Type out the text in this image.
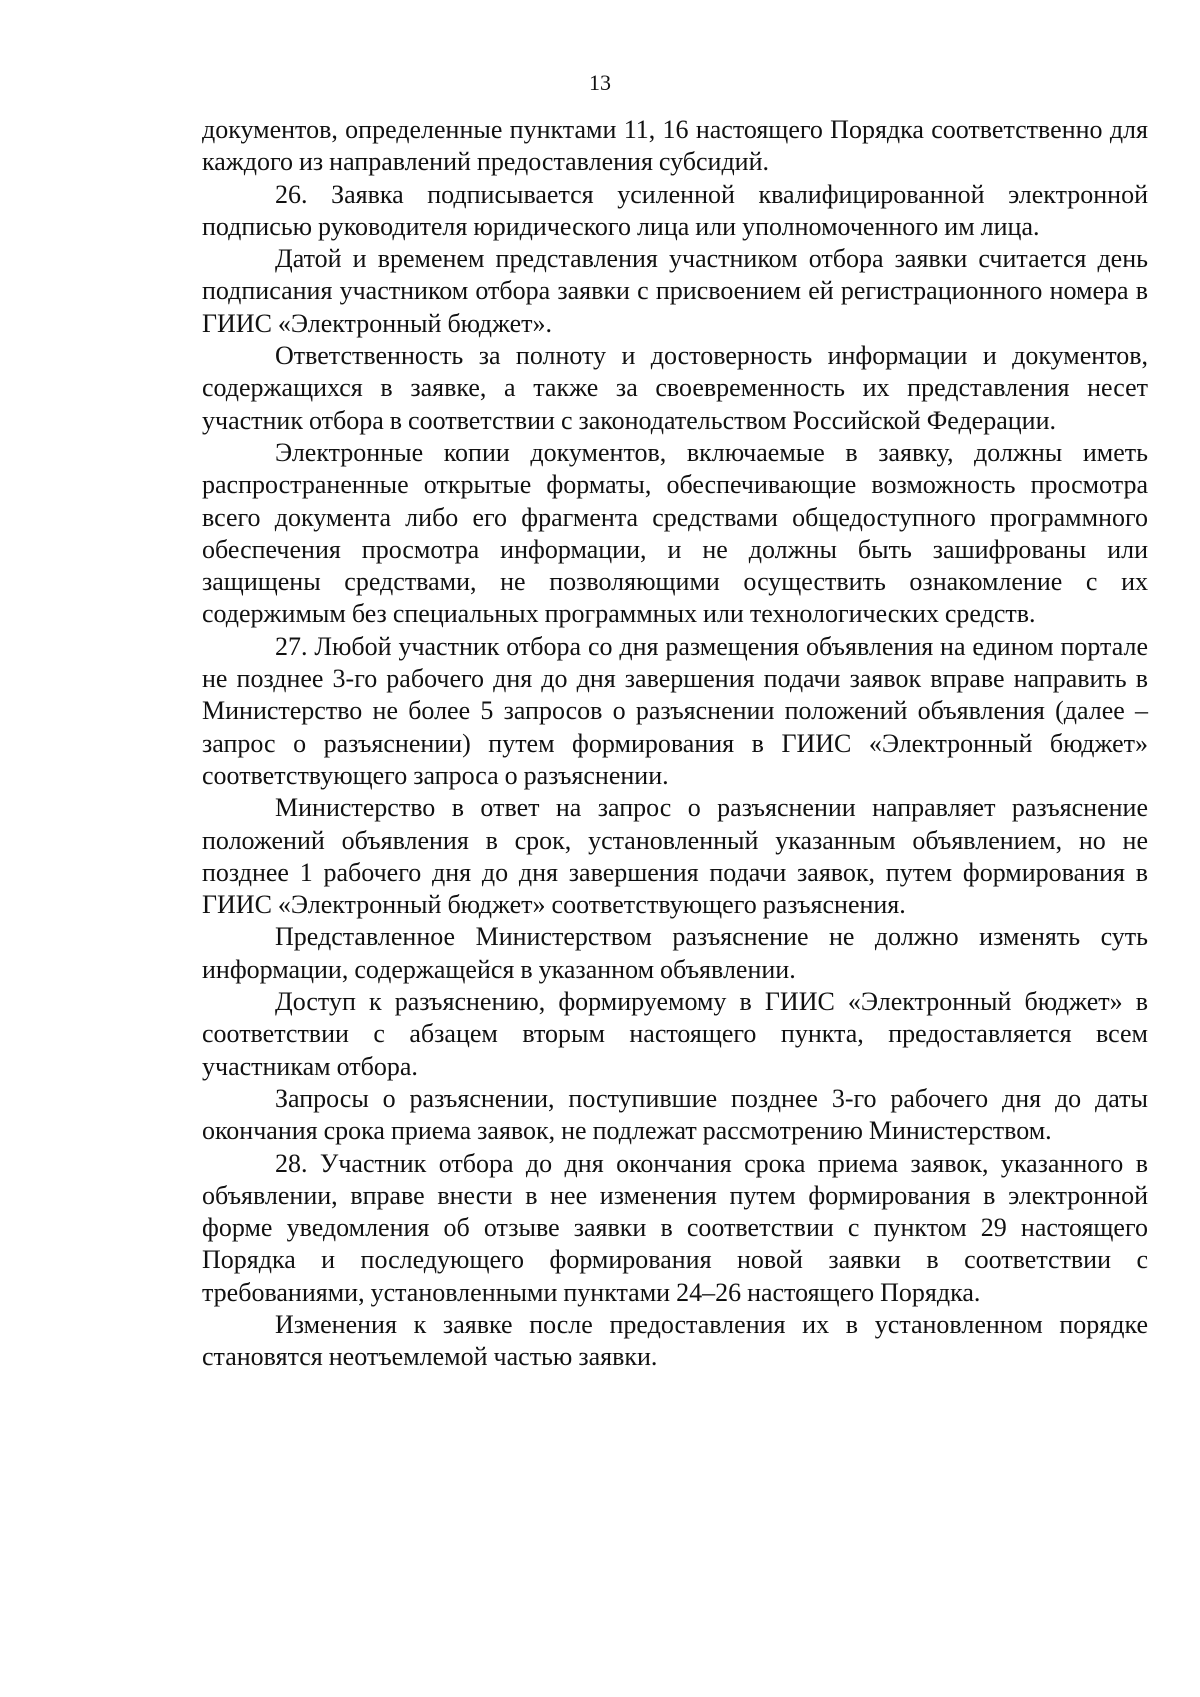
13

документов, определенные пунктами 11, 16 настоящего Порядка соответственно для каждого из направлений предоставления субсидий.

26. Заявка подписывается усиленной квалифицированной электронной подписью руководителя юридического лица или уполномоченного им лица.

Датой и временем представления участником отбора заявки считается день подписания участником отбора заявки с присвоением ей регистрационного номера в ГИИС «Электронный бюджет».

Ответственность за полноту и достоверность информации и документов, содержащихся в заявке, а также за своевременность их представления несет участник отбора в соответствии с законодательством Российской Федерации.

Электронные копии документов, включаемые в заявку, должны иметь распространенные открытые форматы, обеспечивающие возможность просмотра всего документа либо его фрагмента средствами общедоступного программного обеспечения просмотра информации, и не должны быть зашифрованы или защищены средствами, не позволяющими осуществить ознакомление с их содержимым без специальных программных или технологических средств.

27. Любой участник отбора со дня размещения объявления на едином портале не позднее 3-го рабочего дня до дня завершения подачи заявок вправе направить в Министерство не более 5 запросов о разъяснении положений объявления (далее – запрос о разъяснении) путем формирования в ГИИС «Электронный бюджет» соответствующего запроса о разъяснении.

Министерство в ответ на запрос о разъяснении направляет разъяснение положений объявления в срок, установленный указанным объявлением, но не позднее 1 рабочего дня до дня завершения подачи заявок, путем формирования в ГИИС «Электронный бюджет» соответствующего разъяснения.

Представленное Министерством разъяснение не должно изменять суть информации, содержащейся в указанном объявлении.

Доступ к разъяснению, формируемому в ГИИС «Электронный бюджет» в соответствии с абзацем вторым настоящего пункта, предоставляется всем участникам отбора.

Запросы о разъяснении, поступившие позднее 3-го рабочего дня до даты окончания срока приема заявок, не подлежат рассмотрению Министерством.

28. Участник отбора до дня окончания срока приема заявок, указанного в объявлении, вправе внести в нее изменения путем формирования в электронной форме уведомления об отзыве заявки в соответствии с пунктом 29 настоящего Порядка и последующего формирования новой заявки в соответствии с требованиями, установленными пунктами 24–26 настоящего Порядка.

Изменения к заявке после предоставления их в установленном порядке становятся неотъемлемой частью заявки.
